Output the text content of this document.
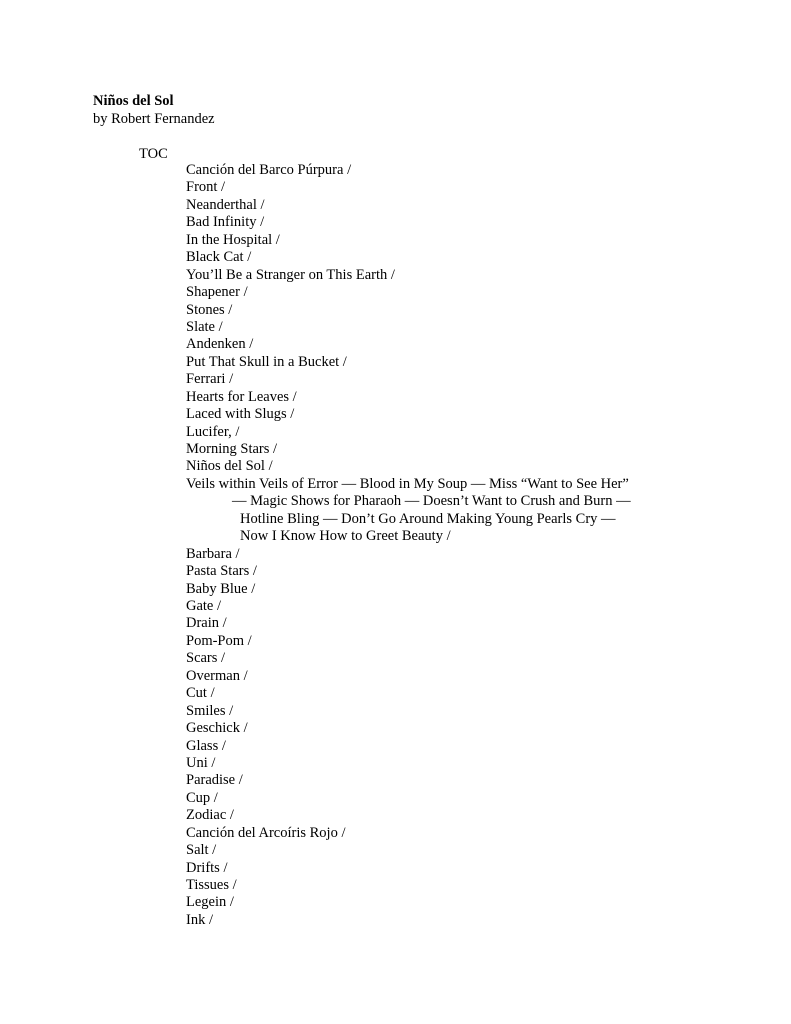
Niños del Sol
by Robert Fernandez
TOC
Canción del Barco Púrpura /
Front /
Neanderthal /
Bad Infinity /
In the Hospital /
Black Cat /
You’ll Be a Stranger on This Earth /
Shapener /
Stones /
Slate /
Andenken /
Put That Skull in a Bucket /
Ferrari /
Hearts for Leaves /
Laced with Slugs /
Lucifer, /
Morning Stars /
Niños del Sol /
Veils within Veils of Error — Blood in My Soup — Miss “Want to See Her”
— Magic Shows for Pharaoh — Doesn’t Want to Crush and Burn —
Hotline Bling — Don’t Go Around Making Young Pearls Cry —
Now I Know How to Greet Beauty /
Barbara /
Pasta Stars /
Baby Blue /
Gate /
Drain /
Pom-Pom /
Scars /
Overman /
Cut /
Smiles /
Geschick /
Glass /
Uni /
Paradise /
Cup /
Zodiac /
Canción del Arcoíris Rojo /
Salt /
Drifts /
Tissues /
Legein /
Ink /
